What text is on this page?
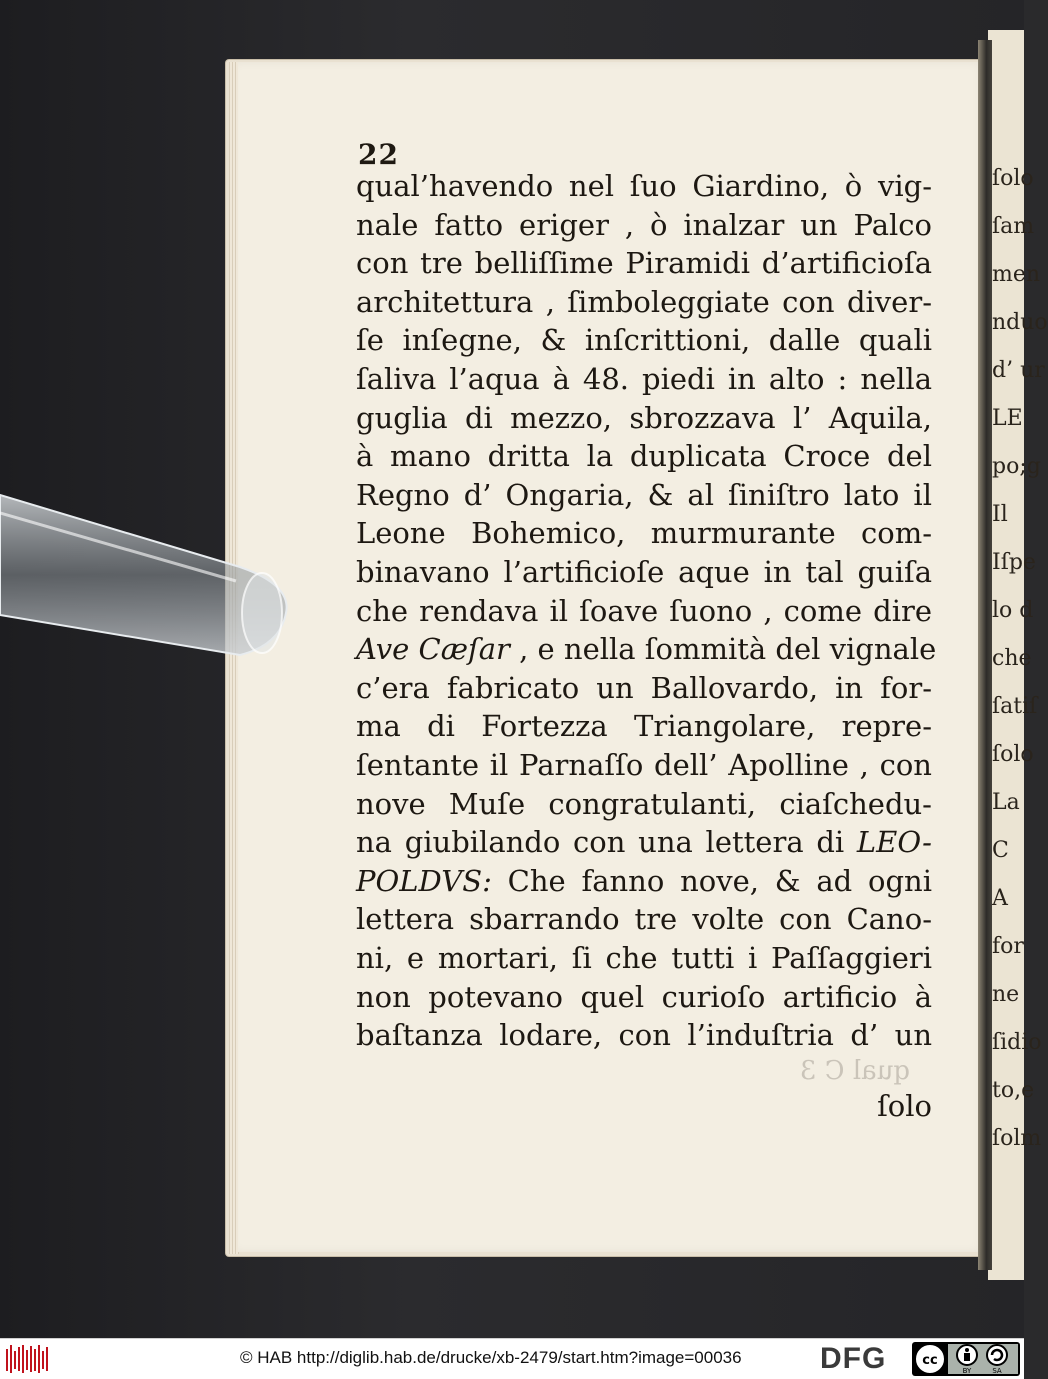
ſolo
ſam
men
nduo
d’ ur
LE
po;g
Il
Iſpe
lo d
che
ſatiſ
ſolo
La
C
A
for
ne
ſidio
to,e
ſolm
22
qual’havendo nel ſuo Giardino, ò vig-
nale fatto eriger , ò inalzar un Palco
con tre belliſſime Piramidi d’artificioſa
architettura , ſimboleggiate con diver-
ſe inſegne, & inſcrittioni, dalle quali
ſaliva l’aqua à 48. piedi in alto : nella
guglia di mezzo, sbrozzava l’ Aquila,
à mano dritta la duplicata Croce del
Regno d’ Ongaria, & al ſiniſtro lato il
Leone Bohemico, murmurante com-
binavano l’artificioſe aque in tal guiſa
che rendava il ſoave ſuono , come dire
Ave Cæſar , e nella ſommità del vignale
c’era fabricato un Ballovardo, in for-
ma di Fortezza Triangolare, repre-
ſentante il Parnaſſo dell’ Apolline , con
nove Muſe congratulanti, ciaſchedu-
na giubilando con una lettera di LEO-
POLDVS: Che fanno nove, & ad ogni
lettera sbarrando tre volte con Cano-
ni, e mortari, ſi che tutti i Paſſaggieri
non potevano quel curioſo artificio à
baſtanza lodare, con l’induſtria d’ un
ſolo
qual C 3
© HAB http://diglib.hab.de/drucke/xb-2479/start.htm?image=00036	DFG	cc
BY	SA
